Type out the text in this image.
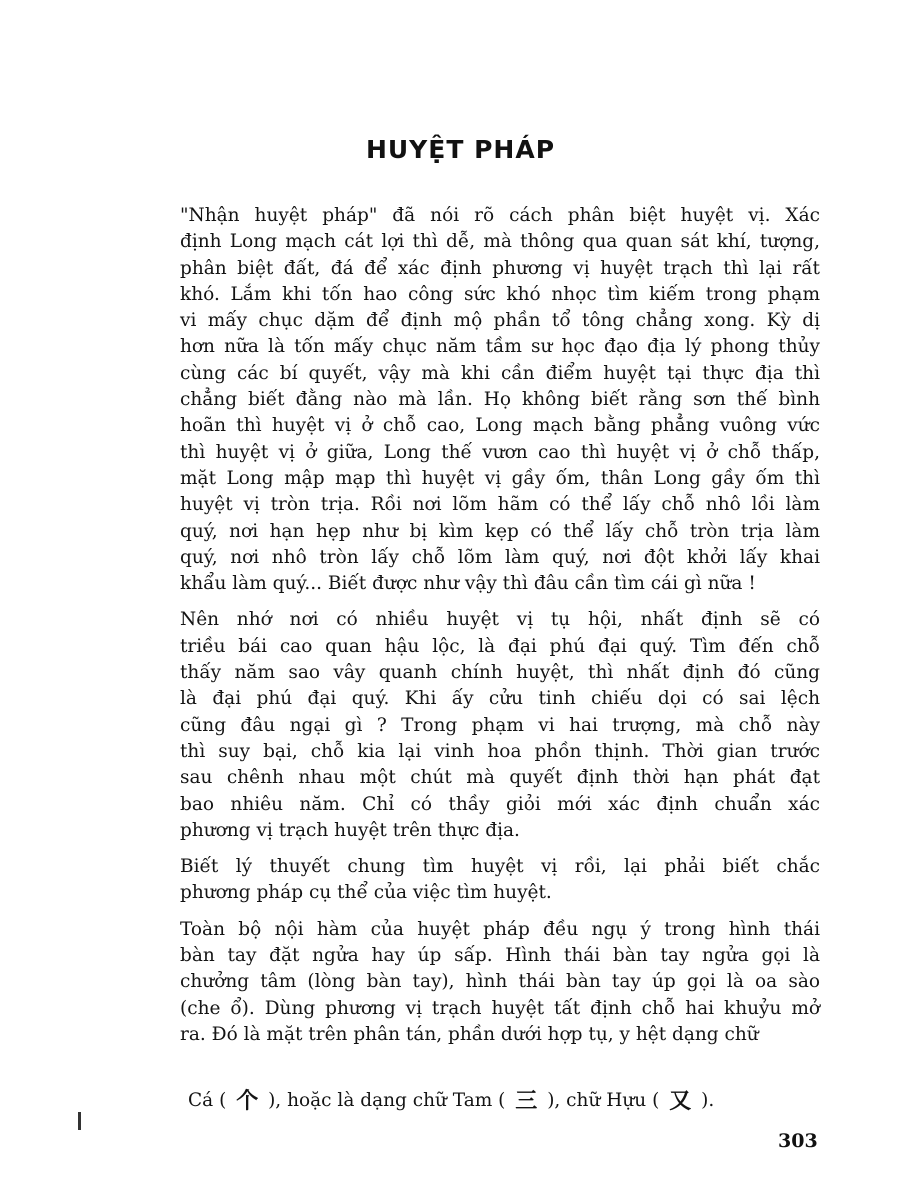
HUYỆT PHÁP
"Nhận huyệt pháp" đã nói rõ cách phân biệt huyệt vị. Xác
định Long mạch cát lợi thì dễ, mà thông qua quan sát khí, tượng,
phân biệt đất, đá để xác định phương vị huyệt trạch thì lại rất
khó. Lắm khi tốn hao công sức khó nhọc tìm kiếm trong phạm
vi mấy chục dặm để định mộ phần tổ tông chẳng xong. Kỳ dị
hơn nữa là tốn mấy chục năm tầm sư học đạo địa lý phong thủy
cùng các bí quyết, vậy mà khi cần điểm huyệt tại thực địa thì
chẳng biết đằng nào mà lần. Họ không biết rằng sơn thế bình
hoãn thì huyệt vị ở chỗ cao, Long mạch bằng phẳng vuông vức
thì huyệt vị ở giữa, Long thế vươn cao thì huyệt vị ở chỗ thấp,
mặt Long mập mạp thì huyệt vị gầy ốm, thân Long gầy ốm thì
huyệt vị tròn trịa. Rồi nơi lõm hãm có thể lấy chỗ nhô lồi làm
quý, nơi hạn hẹp như bị kìm kẹp có thể lấy chỗ tròn trịa làm
quý, nơi nhô tròn lấy chỗ lõm làm quý, nơi đột khởi lấy khai
khẩu làm quý... Biết được như vậy thì đâu cần tìm cái gì nữa !
Nên nhớ nơi có nhiều huyệt vị tụ hội, nhất định sẽ có
triều bái cao quan hậu lộc, là đại phú đại quý. Tìm đến chỗ
thấy năm sao vây quanh chính huyệt, thì nhất định đó cũng
là đại phú đại quý. Khi ấy cửu tinh chiếu dọi có sai lệch
cũng đâu ngại gì ? Trong phạm vi hai trượng, mà chỗ này
thì suy bại, chỗ kia lại vinh hoa phồn thịnh. Thời gian trước
sau chênh nhau một chút mà quyết định thời hạn phát đạt
bao nhiêu năm. Chỉ có thầy giỏi mới xác định chuẩn xác
phương vị trạch huyệt trên thực địa.
Biết lý thuyết chung tìm huyệt vị rồi, lại phải biết chắc
phương pháp cụ thể của việc tìm huyệt.
Toàn bộ nội hàm của huyệt pháp đều ngụ ý trong hình thái
bàn tay đặt ngửa hay úp sấp. Hình thái bàn tay ngửa gọi là
chưởng tâm (lòng bàn tay), hình thái bàn tay úp gọi là oa sào
(che ổ). Dùng phương vị trạch huyệt tất định chỗ hai khuỷu mở
ra. Đó là mặt trên phân tán, phần dưới hợp tụ, y hệt dạng chữ
Cá ( 个 ), hoặc là dạng chữ Tam ( 三 ), chữ Hựu ( 又 ).
303
